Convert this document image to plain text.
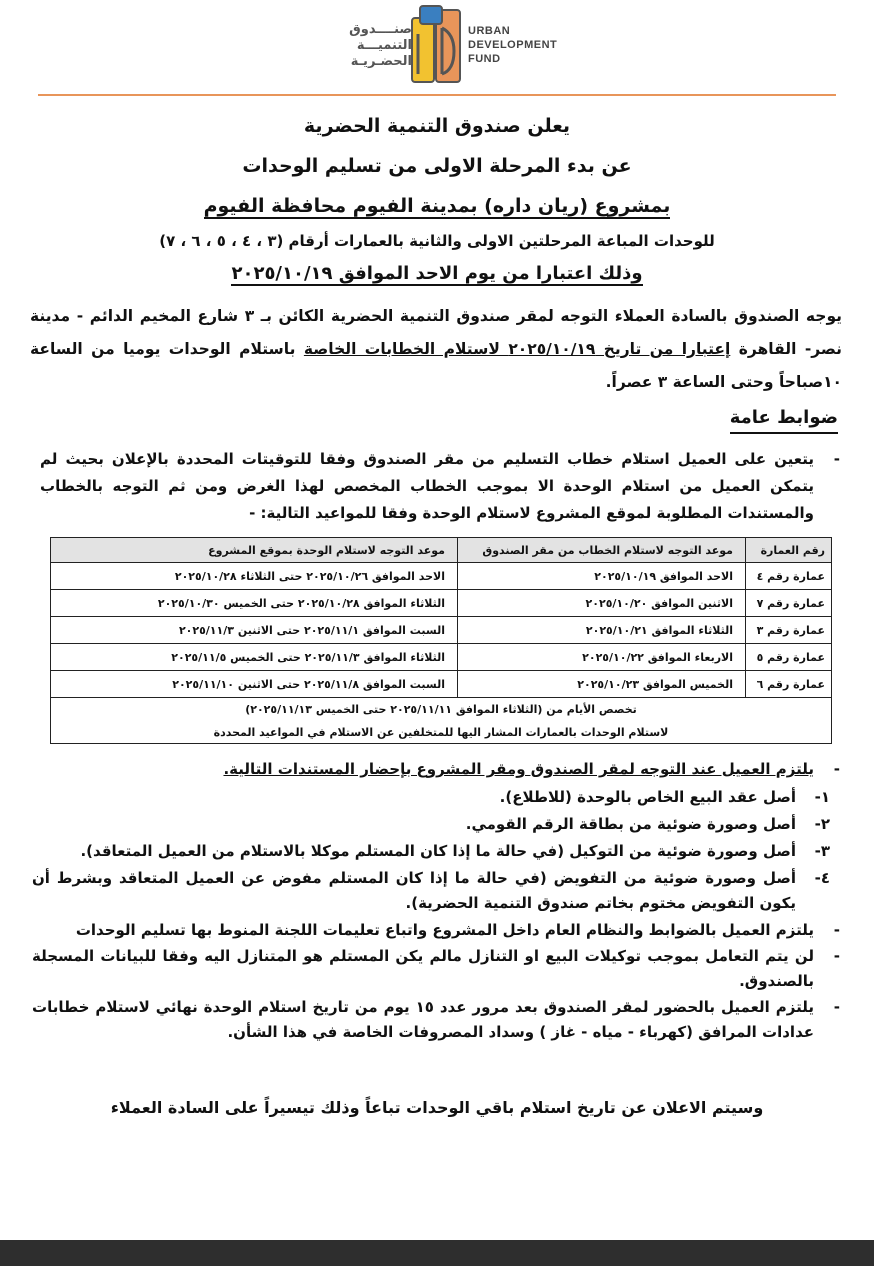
صنــــدوق
التنميـــة
الحضـريـة
URBAN
DEVELOPMENT
FUND
يعلن صندوق التنمية الحضرية
عن بدء المرحلة الاولى من تسليم الوحدات
بمشروع (ريان داره) بمدينة الفيوم محافظة الفيوم
للوحدات المباعة المرحلتين الاولى والثانية بالعمارات أرقام (٣ ، ٤ ، ٥ ، ٦ ، ٧)
وذلك اعتبارا من يوم الاحد الموافق ٢٠٢٥/١٠/١٩
يوجه الصندوق بالسادة العملاء التوجه لمقر صندوق التنمية الحضرية الكائن بـ ٣ شارع المخيم الدائم - مدينة نصر- القاهرة إعتبارا من تاريخ ٢٠٢٥/١٠/١٩ لاستلام الخطابات الخاصة باستلام الوحدات يوميا من الساعة ١٠صباحاً وحتى الساعة ٣ عصراً.
ضوابط عامة
-
يتعين على العميل استلام خطاب التسليم من مقر الصندوق وفقا للتوقيتات المحددة بالإعلان بحيث لم يتمكن العميل من استلام الوحدة الا بموجب الخطاب المخصص لهذا الغرض ومن ثم التوجه بالخطاب والمستندات المطلوبة لموقع المشروع لاستلام الوحدة وفقا للمواعيد التالية: -
رقم العمارة	موعد التوجه لاستلام الخطاب من مقر الصندوق	موعد التوجه لاستلام الوحدة بموقع المشروع
عمارة رقم ٤	الاحد الموافق ٢٠٢٥/١٠/١٩	الاحد الموافق ٢٠٢٥/١٠/٢٦ حتى الثلاثاء ٢٠٢٥/١٠/٢٨
عمارة رقم ٧	الاثنين الموافق ٢٠٢٥/١٠/٢٠	الثلاثاء الموافق ٢٠٢٥/١٠/٢٨ حتى الخميس ٢٠٢٥/١٠/٣٠
عمارة رقم ٣	الثلاثاء الموافق ٢٠٢٥/١٠/٢١	السبت الموافق ٢٠٢٥/١١/١ حتى الاثنين ٢٠٢٥/١١/٣
عمارة رقم ٥	الاربعاء الموافق ٢٠٢٥/١٠/٢٢	الثلاثاء الموافق ٢٠٢٥/١١/٣ حتى الخميس ٢٠٢٥/١١/٥
عمارة رقم ٦	الخميس الموافق ٢٠٢٥/١٠/٢٣	السبت الموافق ٢٠٢٥/١١/٨ حتى الاثنين ٢٠٢٥/١١/١٠
تخصص الأيام من (الثلاثاء الموافق ٢٠٢٥/١١/١١ حتى الخميس ٢٠٢٥/١١/١٣)		
لاستلام الوحدات بالعمارات المشار اليها للمتخلفين عن الاستلام في المواعيد المحددة		
-
يلتزم العميل عند التوجه لمقر الصندوق ومقر المشروع بإحضار المستندات التالية.
١-
أصل عقد البيع الخاص بالوحدة (للاطلاع).
٢-
أصل وصورة ضوئية من بطاقة الرقم القومي.
٣-
أصل وصورة ضوئية من التوكيل (في حالة ما إذا كان المستلم موكلا بالاستلام من العميل المتعاقد).
٤-
أصل وصورة ضوئية من التفويض (في حالة ما إذا كان المستلم مفوض عن العميل المتعاقد وبشرط أن يكون التفويض مختوم بخاتم صندوق التنمية الحضرية).
-
يلتزم العميل بالضوابط والنظام العام داخل المشروع واتباع تعليمات اللجنة المنوط بها تسليم الوحدات
-
لن يتم التعامل بموجب توكيلات البيع او التنازل مالم يكن المستلم هو المتنازل اليه وفقا للبيانات المسجلة بالصندوق.
-
يلتزم العميل بالحضور لمقر الصندوق بعد مرور عدد ١٥ يوم من تاريخ استلام الوحدة نهائي لاستلام خطابات عدادات المرافق (كهرباء - مياه - غاز ) وسداد المصروفات الخاصة في هذا الشأن.
وسيتم الاعلان عن تاريخ استلام باقي الوحدات تباعاً وذلك تيسيراً على السادة العملاء
